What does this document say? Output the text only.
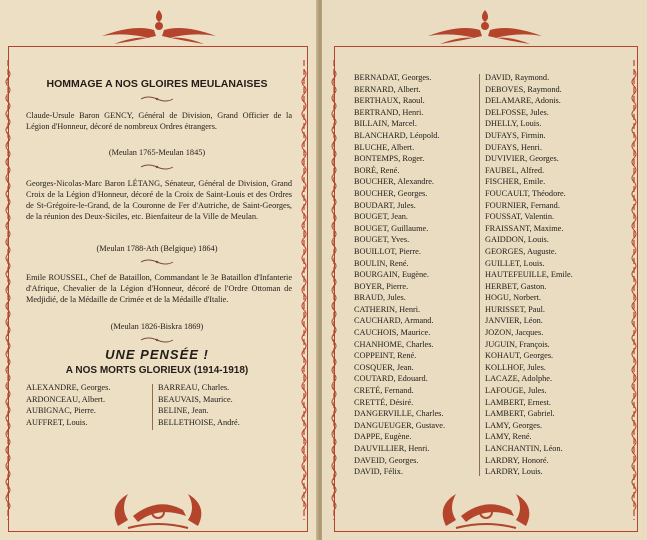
HOMMAGE A NOS GLOIRES MEULANAISES
Claude-Ursule Baron GENCY, Général de Division, Grand Officier de la Légion d'Honneur, décoré de nombreux Ordres étrangers.
(Meulan 1765-Meulan 1845)
Georges-Nicolas-Marc Baron LÉTANG, Sénateur, Général de Division, Grand Croix de la Légion d'Honneur, décoré de la Croix de Saint-Louis et des Ordres de St-Grégoire-le-Grand, de la Couronne de Fer d'Autriche, de Saint-Georges, de la réunion des Deux-Siciles, etc. Bienfaiteur de la Ville de Meulan.
(Meulan 1788-Ath (Belgique) 1864)
Emile ROUSSEL, Chef de Bataillon, Commandant le 3e Bataillon d'Infanterie d'Afrique, Chevalier de la Légion d'Honneur, décoré de l'Ordre Ottoman de Medjidié, de la Médaille de Crimée et de la Médaille d'Italie.
(Meulan 1826-Biskra 1869)
UNE PENSÉE !
A NOS MORTS GLORIEUX (1914-1918)
ALEXANDRE, Georges.
ARDONCEAU, Albert.
AUBIGNAC, Pierre.
AUFFRET, Louis.
BARREAU, Charles.
BEAUVAIS, Maurice.
BELINE, Jean.
BELLETHOISE, André.
BERNADAT, Georges.
BERNARD, Albert.
BERTHAUX, Raoul.
BERTRAND, Henri.
BILLAIN, Marcel.
BLANCHARD, Léopold.
BLUCHE, Albert.
BONTEMPS, Roger.
BORÉ, René.
BOUCHER, Alexandre.
BOUCHER, Georges.
BOUDART, Jules.
BOUGET, Jean.
BOUGET, Guillaume.
BOUGET, Yves.
BOUILLOT, Pierre.
BOULIN, René.
BOURGAIN, Eugène.
BOYER, Pierre.
BRAUD, Jules.
CATHERIN, Henri.
CAUCHARD, Armand.
CAUCHOIS, Maurice.
CHANHOME, Charles.
COPPEINT, René.
COSQUER, Jean.
COUTARD, Edouard.
CRETÉ, Fernand.
CRETTÉ, Désiré.
DANGERVILLE, Charles.
DANGUEUGER, Gustave.
DAPPE, Eugène.
DAUVILLIER, Henri.
DAVEID, Georges.
DAVID, Félix.
DAVID, Raymond.
DEBOVES, Raymond.
DELAMARE, Adonis.
DELFOSSE, Jules.
DHELLY, Louis.
DUFAYS, Firmin.
DUFAYS, Henri.
DUVIVIER, Georges.
FAUBEL, Alfred.
FISCHER, Emile.
FOUCAULT, Théodore.
FOURNIER, Fernand.
FOUSSAT, Valentin.
FRAISSANT, Maxime.
GAIDDON, Louis.
GEORGES, Auguste.
GUILLET, Louis.
HAUTEFEUILLE, Emile.
HERBET, Gaston.
HOGU, Norbert.
HURISSET, Paul.
JANVIER, Léon.
JOZON, Jacques.
JUGUIN, François.
KOHAUT, Georges.
KOLLHOF, Jules.
LACAZE, Adolphe.
LAFOUGE, Jules.
LAMBERT, Ernest.
LAMBERT, Gabriel.
LAMY, Georges.
LAMY, René.
LANCHANTIN, Léon.
LARDRY, Honoré.
LARDRY, Louis.
